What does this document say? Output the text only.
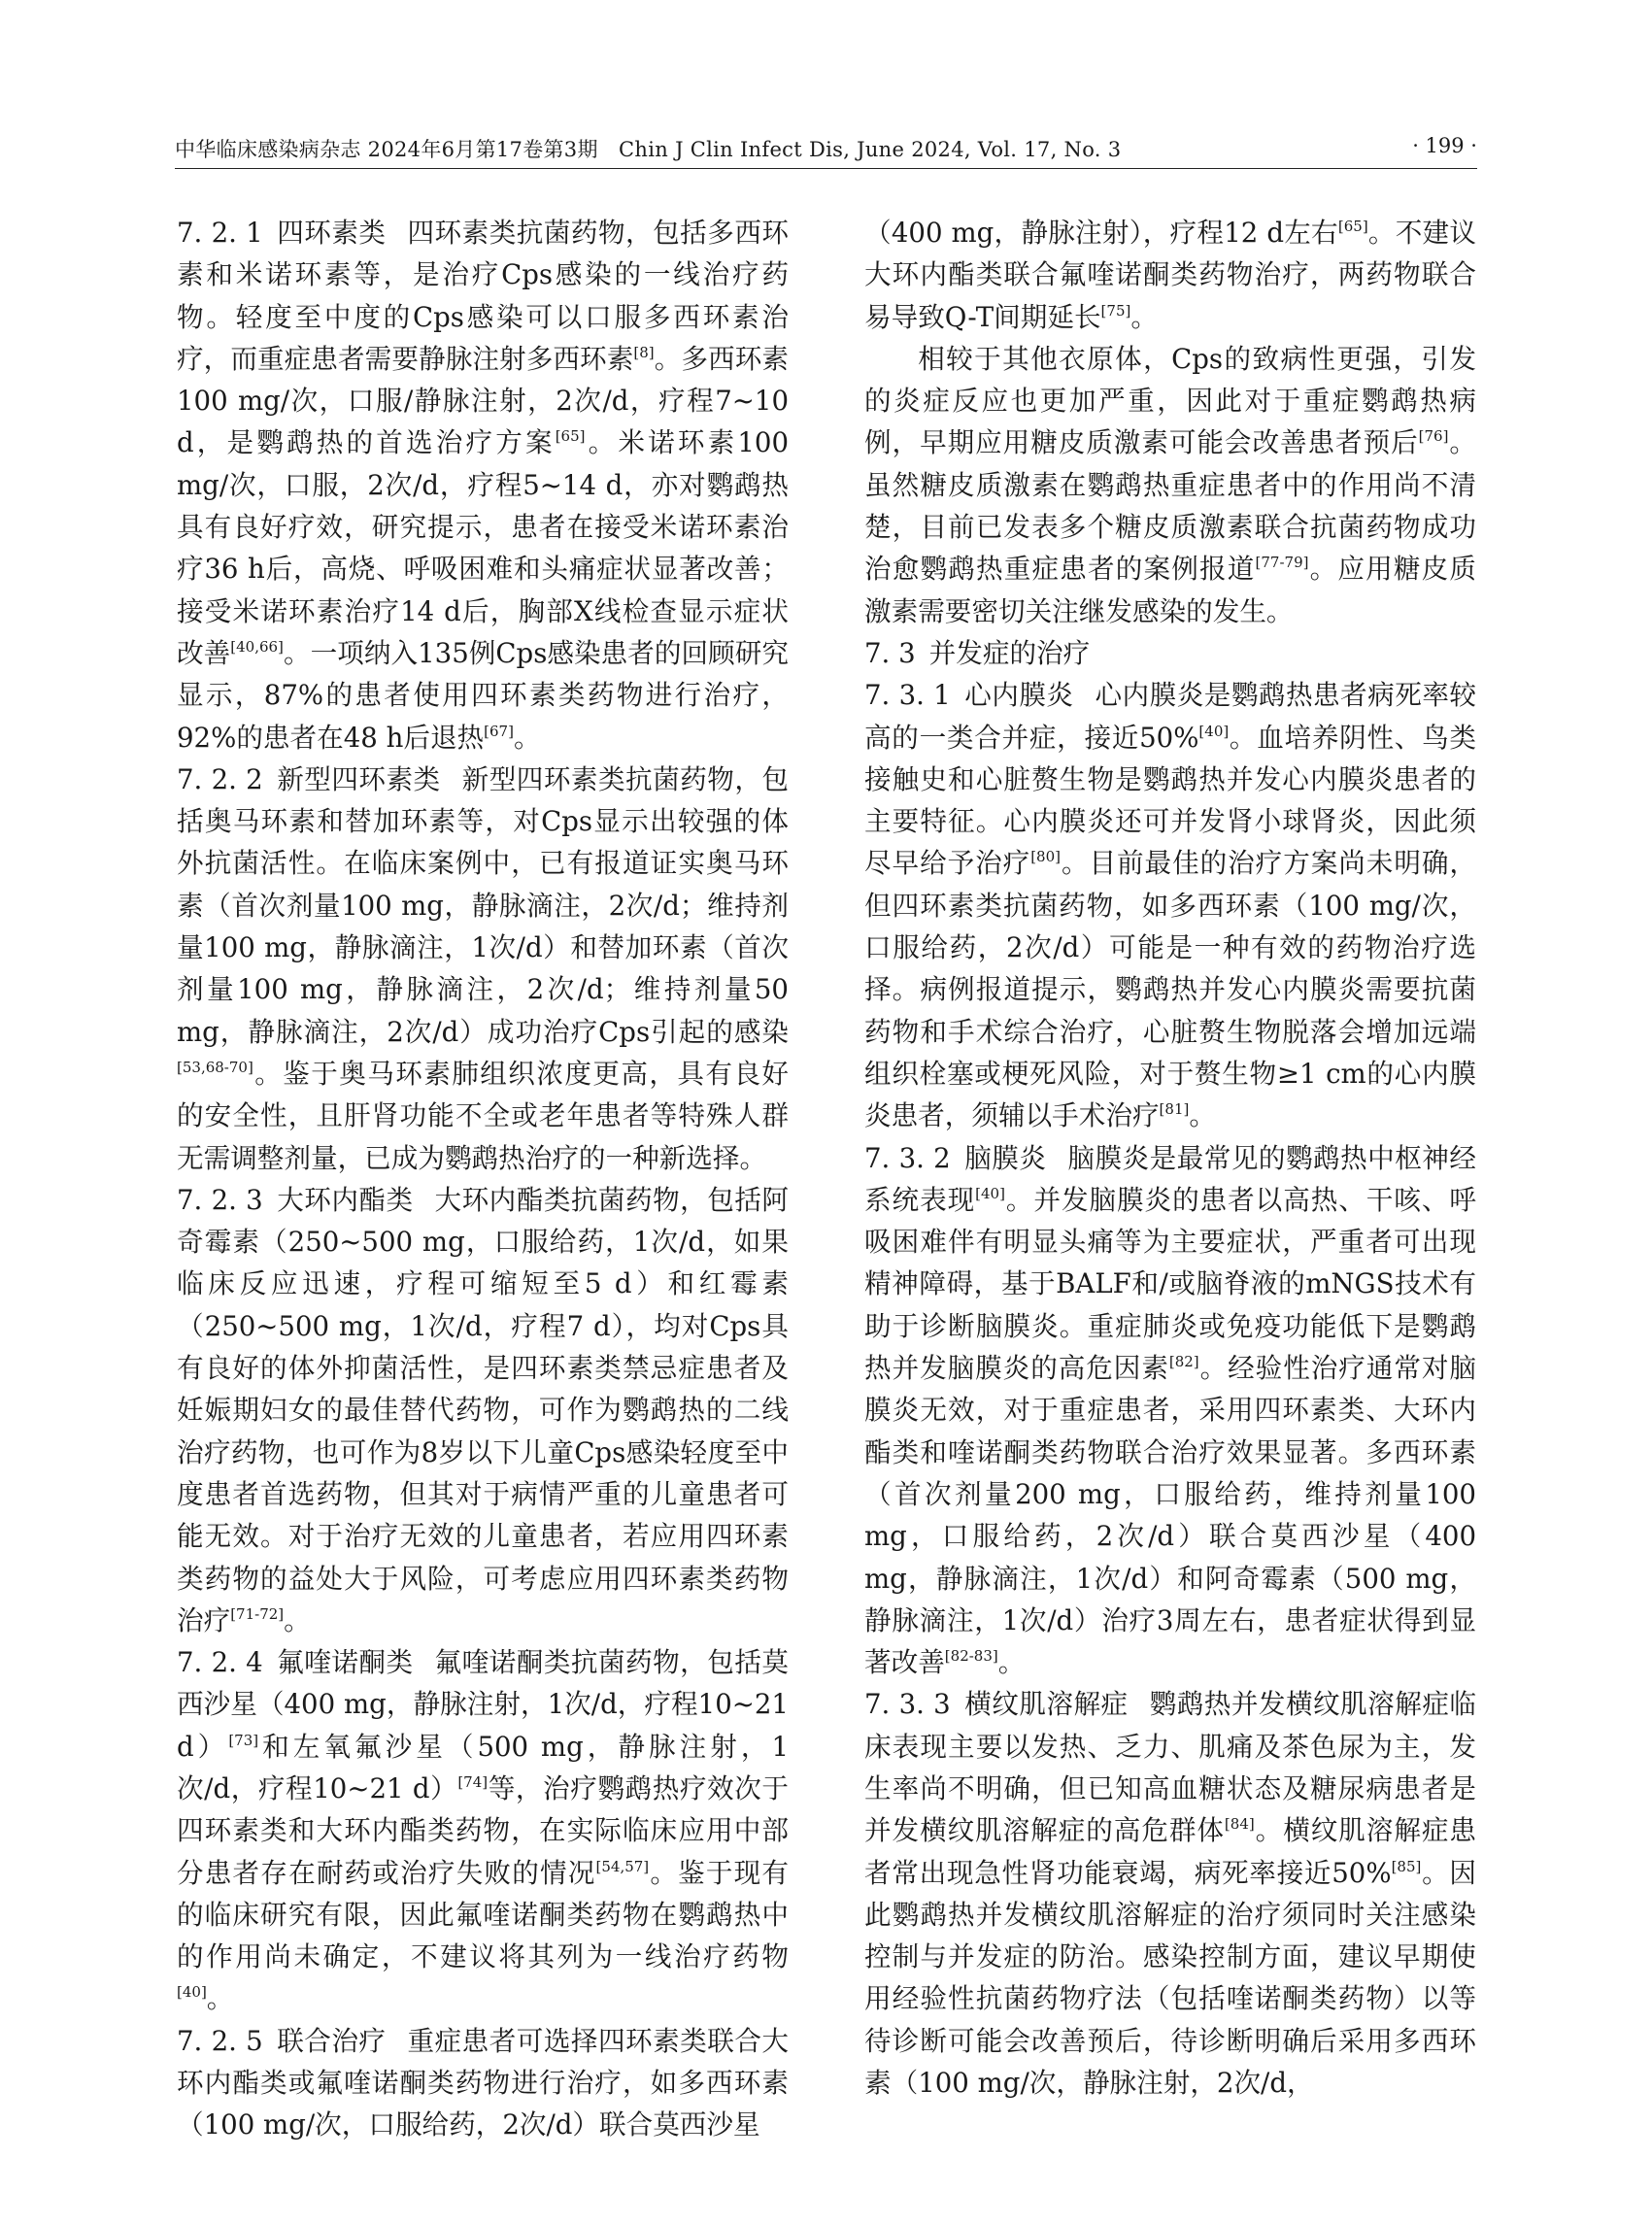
中华临床感染病杂志 2024年6月第17卷第3期　Chin J Clin Infect Dis, June 2024, Vol. 17, No. 3	· 199 ·

7. 2. 1 四环素类 四环素类抗菌药物，包括多西环素和米诺环素等，是治疗Cps感染的一线治疗药物。轻度至中度的Cps感染可以口服多西环素治疗，而重症患者需要静脉注射多西环素[8]。多西环素100 mg/次，口服/静脉注射，2次/d，疗程7~10 d，是鹦鹉热的首选治疗方案[65]。米诺环素100 mg/次，口服，2次/d，疗程5~14 d，亦对鹦鹉热具有良好疗效，研究提示，患者在接受米诺环素治疗36 h后，高烧、呼吸困难和头痛症状显著改善；接受米诺环素治疗14 d后，胸部X线检查显示症状改善[40,66]。一项纳入135例Cps感染患者的回顾研究显示，87%的患者使用四环素类药物进行治疗，92%的患者在48 h后退热[67]。

7. 2. 2 新型四环素类 新型四环素类抗菌药物，包括奥马环素和替加环素等，对Cps显示出较强的体外抗菌活性。在临床案例中，已有报道证实奥马环素（首次剂量100 mg，静脉滴注，2次/d；维持剂量100 mg，静脉滴注，1次/d）和替加环素（首次剂量100 mg，静脉滴注，2次/d；维持剂量50 mg，静脉滴注，2次/d）成功治疗Cps引起的感染[53,68-70]。鉴于奥马环素肺组织浓度更高，具有良好的安全性，且肝肾功能不全或老年患者等特殊人群无需调整剂量，已成为鹦鹉热治疗的一种新选择。

7. 2. 3 大环内酯类 大环内酯类抗菌药物，包括阿奇霉素（250~500 mg，口服给药，1次/d，如果临床反应迅速，疗程可缩短至5 d）和红霉素（250~500 mg，1次/d，疗程7 d），均对Cps具有良好的体外抑菌活性，是四环素类禁忌症患者及妊娠期妇女的最佳替代药物，可作为鹦鹉热的二线治疗药物，也可作为8岁以下儿童Cps感染轻度至中度患者首选药物，但其对于病情严重的儿童患者可能无效。对于治疗无效的儿童患者，若应用四环素类药物的益处大于风险，可考虑应用四环素类药物治疗[71-72]。

7. 2. 4 氟喹诺酮类 氟喹诺酮类抗菌药物，包括莫西沙星（400 mg，静脉注射，1次/d，疗程10~21 d）[73]和左氧氟沙星（500 mg，静脉注射，1次/d，疗程10~21 d）[74]等，治疗鹦鹉热疗效次于四环素类和大环内酯类药物，在实际临床应用中部分患者存在耐药或治疗失败的情况[54,57]。鉴于现有的临床研究有限，因此氟喹诺酮类药物在鹦鹉热中的作用尚未确定，不建议将其列为一线治疗药物[40]。

7. 2. 5 联合治疗 重症患者可选择四环素类联合大环内酯类或氟喹诺酮类药物进行治疗，如多西环素（100 mg/次，口服给药，2次/d）联合莫西沙星

（400 mg，静脉注射），疗程12 d左右[65]。不建议大环内酯类联合氟喹诺酮类药物治疗，两药物联合易导致Q-T间期延长[75]。

相较于其他衣原体，Cps的致病性更强，引发的炎症反应也更加严重，因此对于重症鹦鹉热病例，早期应用糖皮质激素可能会改善患者预后[76]。虽然糖皮质激素在鹦鹉热重症患者中的作用尚不清楚，目前已发表多个糖皮质激素联合抗菌药物成功治愈鹦鹉热重症患者的案例报道[77-79]。应用糖皮质激素需要密切关注继发感染的发生。

7. 3 并发症的治疗

7. 3. 1 心内膜炎 心内膜炎是鹦鹉热患者病死率较高的一类合并症，接近50%[40]。血培养阴性、鸟类接触史和心脏赘生物是鹦鹉热并发心内膜炎患者的主要特征。心内膜炎还可并发肾小球肾炎，因此须尽早给予治疗[80]。目前最佳的治疗方案尚未明确，但四环素类抗菌药物，如多西环素（100 mg/次，口服给药，2次/d）可能是一种有效的药物治疗选择。病例报道提示，鹦鹉热并发心内膜炎需要抗菌药物和手术综合治疗，心脏赘生物脱落会增加远端组织栓塞或梗死风险，对于赘生物≥1 cm的心内膜炎患者，须辅以手术治疗[81]。

7. 3. 2 脑膜炎 脑膜炎是最常见的鹦鹉热中枢神经系统表现[40]。并发脑膜炎的患者以高热、干咳、呼吸困难伴有明显头痛等为主要症状，严重者可出现精神障碍，基于BALF和/或脑脊液的mNGS技术有助于诊断脑膜炎。重症肺炎或免疫功能低下是鹦鹉热并发脑膜炎的高危因素[82]。经验性治疗通常对脑膜炎无效，对于重症患者，采用四环素类、大环内酯类和喹诺酮类药物联合治疗效果显著。多西环素（首次剂量200 mg，口服给药，维持剂量100 mg，口服给药，2次/d）联合莫西沙星（400 mg，静脉滴注，1次/d）和阿奇霉素（500 mg，静脉滴注，1次/d）治疗3周左右，患者症状得到显著改善[82-83]。

7. 3. 3 横纹肌溶解症 鹦鹉热并发横纹肌溶解症临床表现主要以发热、乏力、肌痛及茶色尿为主，发生率尚不明确，但已知高血糖状态及糖尿病患者是并发横纹肌溶解症的高危群体[84]。横纹肌溶解症患者常出现急性肾功能衰竭，病死率接近50%[85]。因此鹦鹉热并发横纹肌溶解症的治疗须同时关注感染控制与并发症的防治。感染控制方面，建议早期使用经验性抗菌药物疗法（包括喹诺酮类药物）以等待诊断可能会改善预后，待诊断明确后采用多西环素（100 mg/次，静脉注射，2次/d，
